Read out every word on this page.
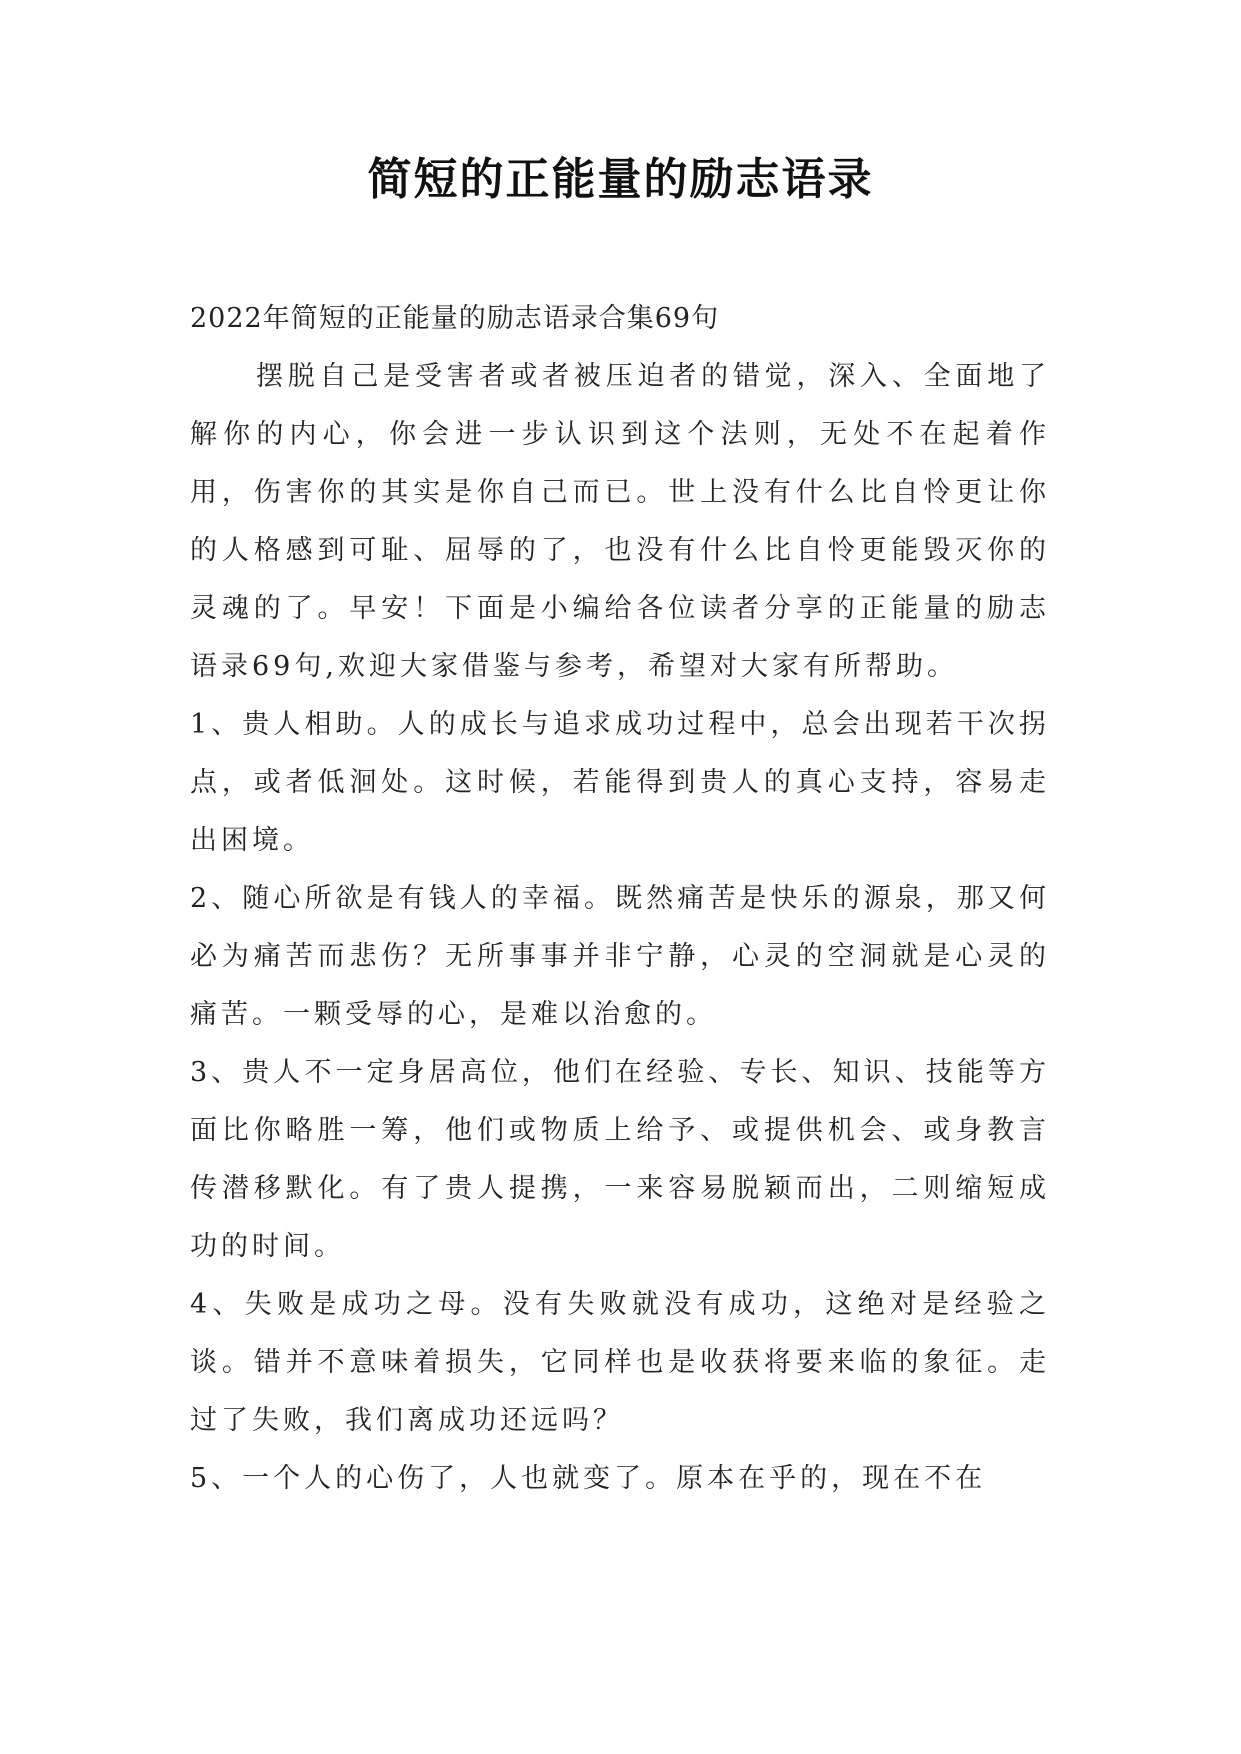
简短的正能量的励志语录
2022年简短的正能量的励志语录合集69句

摆脱自己是受害者或者被压迫者的错觉，深入、全面地了解你的内心，你会进一步认识到这个法则，无处不在起着作用，伤害你的其实是你自己而已。世上没有什么比自怜更让你的人格感到可耻、屈辱的了，也没有什么比自怜更能毁灭你的灵魂的了。早安！下面是小编给各位读者分享的正能量的励志语录69句,欢迎大家借鉴与参考，希望对大家有所帮助。

1、贵人相助。人的成长与追求成功过程中，总会出现若干次拐点，或者低洄处。这时候，若能得到贵人的真心支持，容易走出困境。

2、随心所欲是有钱人的幸福。既然痛苦是快乐的源泉，那又何必为痛苦而悲伤？无所事事并非宁静，心灵的空洞就是心灵的痛苦。一颗受辱的心，是难以治愈的。

3、贵人不一定身居高位，他们在经验、专长、知识、技能等方面比你略胜一筹，他们或物质上给予、或提供机会、或身教言传潜移默化。有了贵人提携，一来容易脱颖而出，二则缩短成功的时间。

4、失败是成功之母。没有失败就没有成功，这绝对是经验之谈。错并不意味着损失，它同样也是收获将要来临的象征。走过了失败，我们离成功还远吗？

5、一个人的心伤了，人也就变了。原本在乎的，现在不在
